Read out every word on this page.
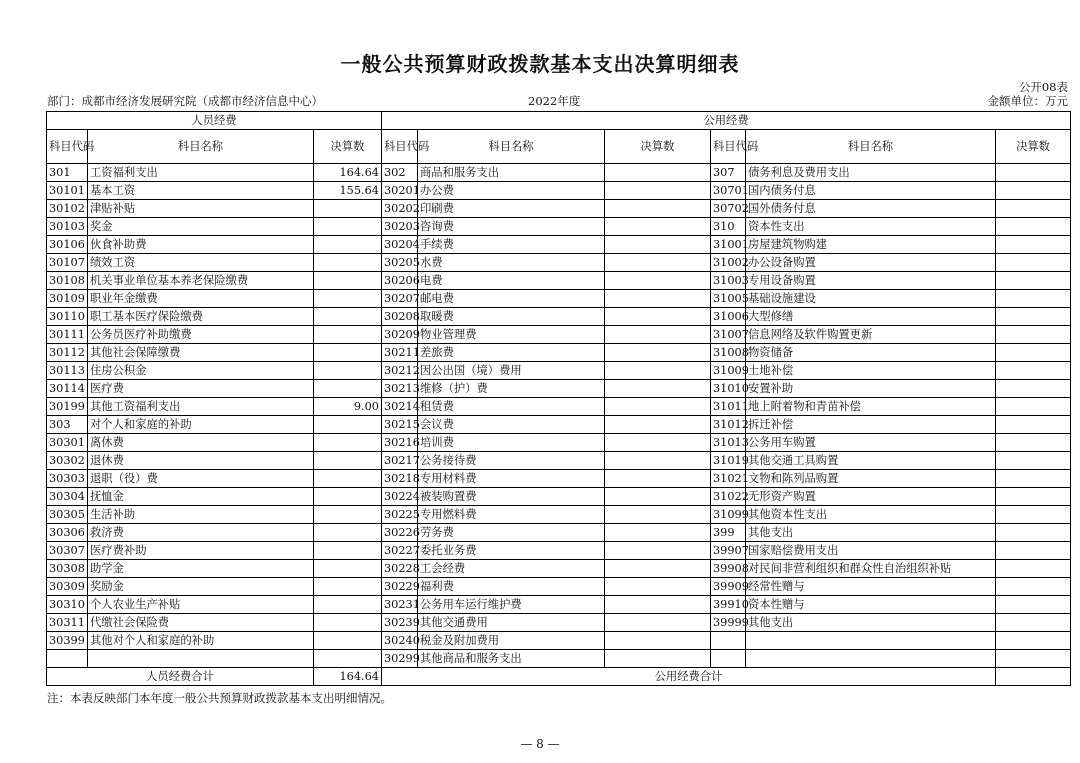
一般公共预算财政拨款基本支出决算明细表
公开08表
部门：成都市经济发展研究院（成都市经济信息中心）	2022年度	金额单位：万元
人员经费			公用经费					
科目代码	科目名称	决算数	科目代码	科目名称	决算数	科目代码	科目名称	决算数
301	工资福利支出	164.64	302	商品和服务支出		307	债务利息及费用支出	
30101	基本工资	155.64	30201	办公费		30701	国内债务付息	
30102	津贴补贴		30202	印刷费		30702	国外债务付息	
30103	奖金		30203	咨询费		310	资本性支出	
30106	伙食补助费		30204	手续费		31001	房屋建筑物购建	
30107	绩效工资		30205	水费		31002	办公设备购置	
30108	机关事业单位基本养老保险缴费		30206	电费		31003	专用设备购置	
30109	职业年金缴费		30207	邮电费		31005	基础设施建设	
30110	职工基本医疗保险缴费		30208	取暖费		31006	大型修缮	
30111	公务员医疗补助缴费		30209	物业管理费		31007	信息网络及软件购置更新	
30112	其他社会保障缴费		30211	差旅费		31008	物资储备	
30113	住房公积金		30212	因公出国（境）费用		31009	土地补偿	
30114	医疗费		30213	维修（护）费		31010	安置补助	
30199	其他工资福利支出	9.00	30214	租赁费		31011	地上附着物和青苗补偿	
303	对个人和家庭的补助		30215	会议费		31012	拆迁补偿	
30301	离休费		30216	培训费		31013	公务用车购置	
30302	退休费		30217	公务接待费		31019	其他交通工具购置	
30303	退职（役）费		30218	专用材料费		31021	文物和陈列品购置	
30304	抚恤金		30224	被装购置费		31022	无形资产购置	
30305	生活补助		30225	专用燃料费		31099	其他资本性支出	
30306	救济费		30226	劳务费		399	其他支出	
30307	医疗费补助		30227	委托业务费		39907	国家赔偿费用支出	
30308	助学金		30228	工会经费		39908	对民间非营利组织和群众性自治组织补贴	
30309	奖励金		30229	福利费		39909	经常性赠与	
30310	个人农业生产补贴		30231	公务用车运行维护费		39910	资本性赠与	
30311	代缴社会保险费		30239	其他交通费用		39999	其他支出	
30399	其他对个人和家庭的补助		30240	税金及附加费用				
			30299	其他商品和服务支出				
人员经费合计		164.64	公用经费合计					
注：本表反映部门本年度一般公共预算财政拨款基本支出明细情况。
— 8 —
